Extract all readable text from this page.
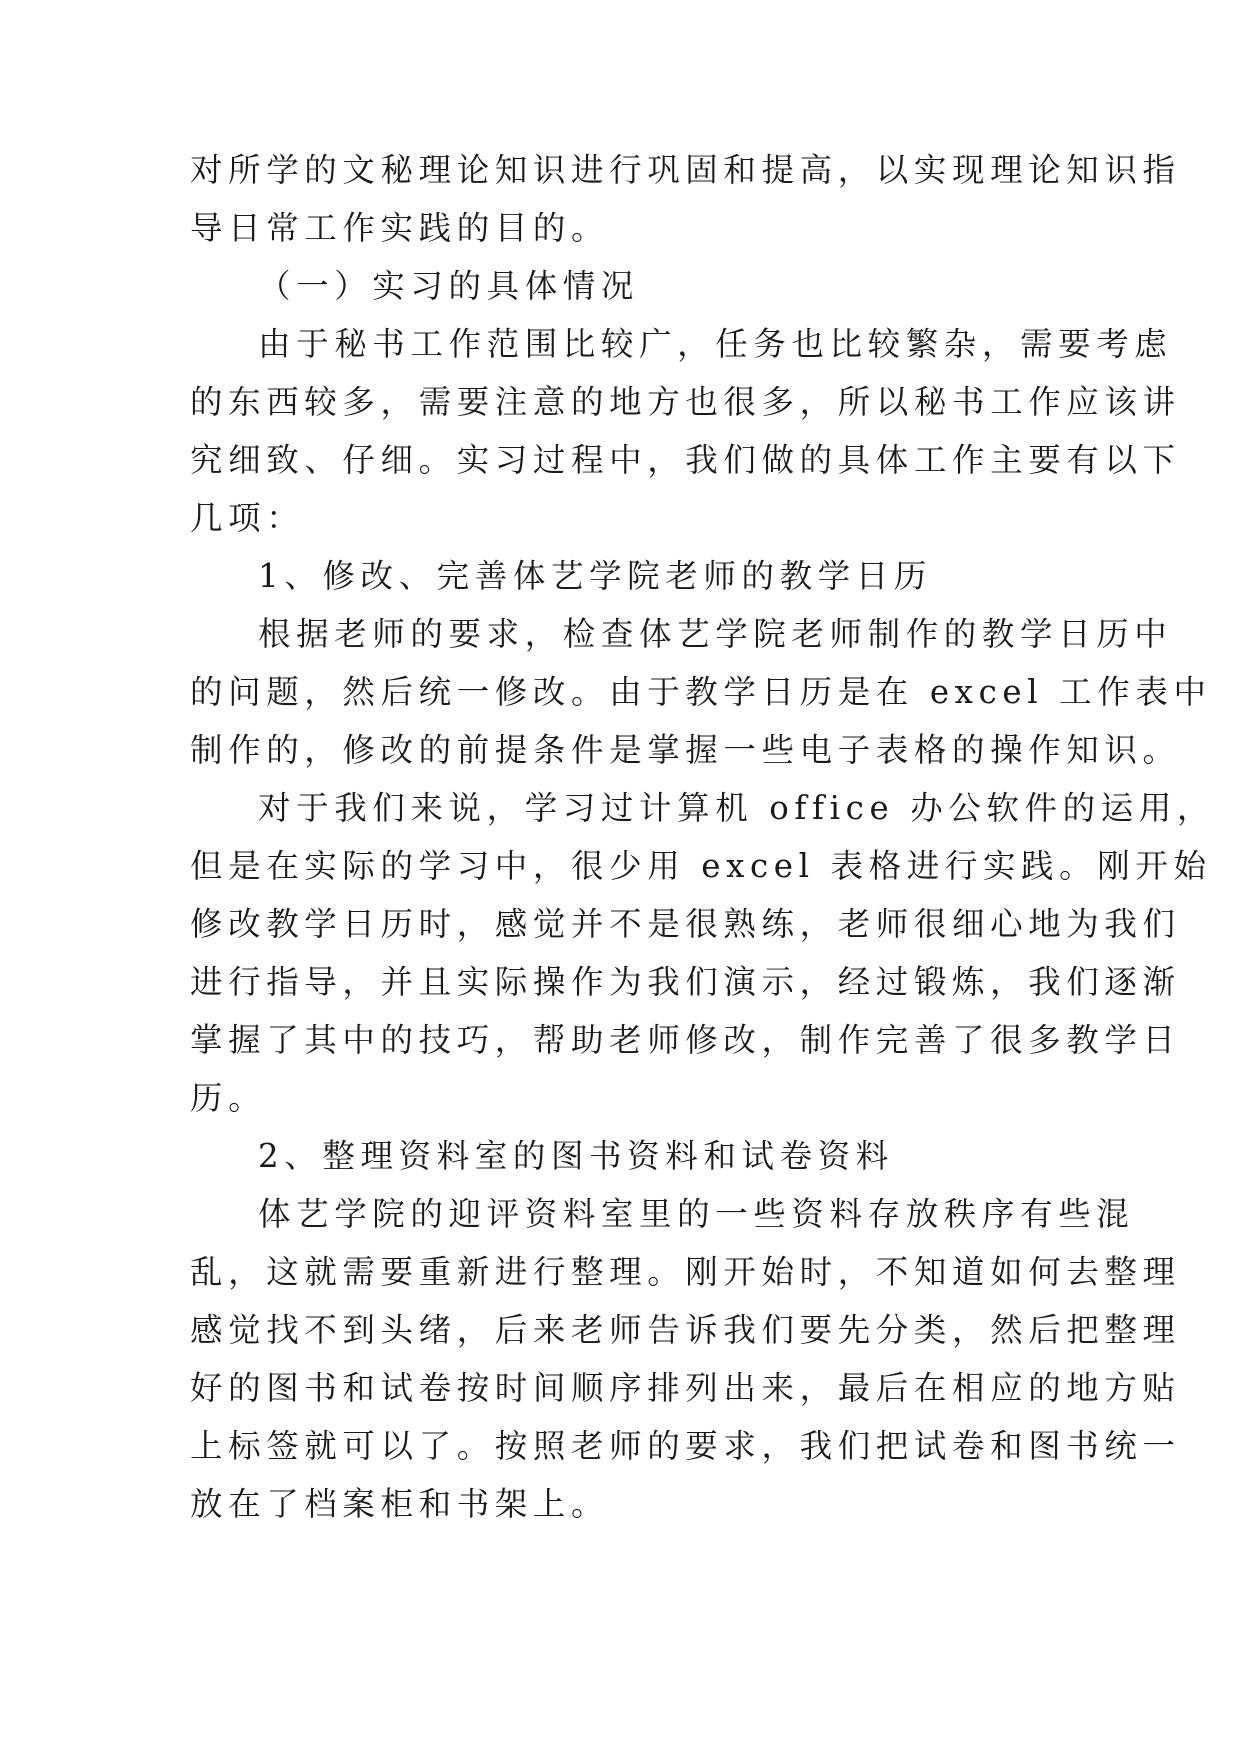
对所学的文秘理论知识进行巩固和提高，以实现理论知识指

导日常工作实践的目的。

（一）实习的具体情况

由于秘书工作范围比较广，任务也比较繁杂，需要考虑

的东西较多，需要注意的地方也很多，所以秘书工作应该讲

究细致、仔细。实习过程中，我们做的具体工作主要有以下

几项：

1、修改、完善体艺学院老师的教学日历

根据老师的要求，检查体艺学院老师制作的教学日历中

的问题，然后统一修改。由于教学日历是在 excel 工作表中

制作的，修改的前提条件是掌握一些电子表格的操作知识。

对于我们来说，学习过计算机 office 办公软件的运用，

但是在实际的学习中，很少用 excel 表格进行实践。刚开始

修改教学日历时，感觉并不是很熟练，老师很细心地为我们

进行指导，并且实际操作为我们演示，经过锻炼，我们逐渐

掌握了其中的技巧，帮助老师修改，制作完善了很多教学日

历。

2、整理资料室的图书资料和试卷资料

体艺学院的迎评资料室里的一些资料存放秩序有些混

乱，这就需要重新进行整理。刚开始时，不知道如何去整理

感觉找不到头绪，后来老师告诉我们要先分类，然后把整理

好的图书和试卷按时间顺序排列出来，最后在相应的地方贴

上标签就可以了。按照老师的要求，我们把试卷和图书统一

放在了档案柜和书架上。
